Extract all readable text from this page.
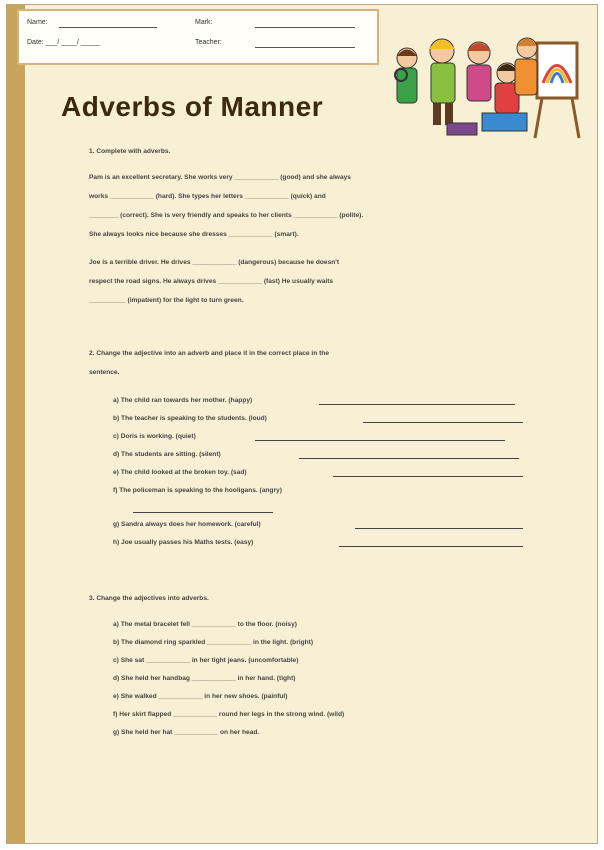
Name:
Date: ___/ ____/ _____
Mark:
Teacher:
Adverbs of Manner
1. Complete with adverbs.
Pam is an excellent secretary. She works very ____________ (good) and she always
works ____________ (hard). She types her letters ____________ (quick) and
________ (correct). She is very friendly and speaks to her clients ____________ (polite).
She always looks nice because she dresses ____________ (smart).
Joe is a terrible driver. He drives ____________ (dangerous) because he doesn't
respect the road signs. He always drives ____________ (fast) He usually waits
__________ (impatient) for the light to turn green.
2. Change the adjective into an adverb and place it in the correct place in the
sentence.
a) The child ran towards her mother. (happy)
b) The teacher is speaking to the students. (loud)
c) Doris is working. (quiet)
d) The students are sitting. (silent)
e) The child looked at the broken toy. (sad)
f) The policeman is speaking to the hooligans. (angry)
g) Sandra always does her homework. (careful)
h) Joe usually passes his Maths tests. (easy)
3. Change the adjectives into adverbs.
a) The metal bracelet fell ____________ to the floor. (noisy)
b) The diamond ring sparkled ____________ in the light. (bright)
c) She sat ____________ in her tight jeans. (uncomfortable)
d) She held her handbag ____________ in her hand. (tight)
e) She walked ____________ in her new shoes. (painful)
f) Her skirt flapped ____________ round her legs in the strong wind. (wild)
g) She held her hat ____________ on her head.
